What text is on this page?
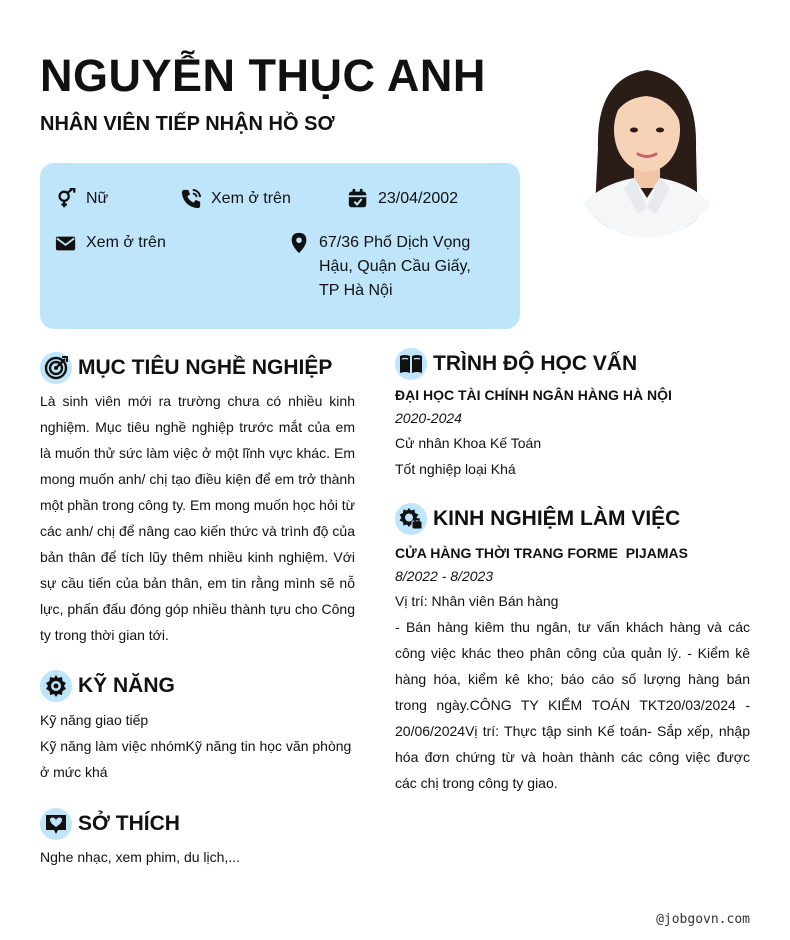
NGUYỄN THỤC ANH
NHÂN VIÊN TIẾP NHẬN HỒ SƠ
Nữ	Xem ở trên	23/04/2002
Xem ở trên	67/36 Phố Dịch Vọng Hậu, Quận Cầu Giấy, TP Hà Nội
MỤC TIÊU NGHỀ NGHIỆP
Là sinh viên mới ra trường chưa có nhiều kinh nghiệm. Mục tiêu nghề nghiệp trước mắt của em là muốn thử sức làm việc ở một lĩnh vực khác. Em mong muốn anh/ chị tạo điều kiện để em trở thành một phần trong công ty. Em mong muốn học hỏi từ các anh/ chị để nâng cao kiến thức và trình độ của bản thân để tích lũy thêm nhiều kinh nghiệm. Với sự cầu tiến của bản thân, em tin rằng mình sẽ nỗ lực, phấn đấu đóng góp nhiều thành tựu cho Công ty trong thời gian tới.
KỸ NĂNG
Kỹ năng giao tiếp
Kỹ năng làm việc nhómKỹ năng tin học văn phòng ở mức khá
SỞ THÍCH
Nghe nhạc, xem phim, du lịch,...
TRÌNH ĐỘ HỌC VẤN
ĐẠI HỌC TÀI CHÍNH NGÂN HÀNG HÀ NỘI
2020-2024
Cử nhân Khoa Kế Toán
Tốt nghiệp loại Khá
KINH NGHIỆM LÀM VIỆC
CỬA HÀNG THỜI TRANG FORME  PIJAMAS
8/2022 - 8/2023
Vị trí: Nhân viên Bán hàng
- Bán hàng kiêm thu ngân, tư vấn khách hàng và các công việc khác theo phân công của quản lý. - Kiểm kê hàng hóa, kiểm kê kho; báo cáo số lượng hàng bán trong ngày.CÔNG TY KIỂM TOÁN TKT20/03/2024 - 20/06/2024Vị trí: Thực tập sinh Kế toán- Sắp xếp, nhập hóa đơn chứng từ và hoàn thành các công việc được các chị trong công ty giao.
@jobgovn.com
